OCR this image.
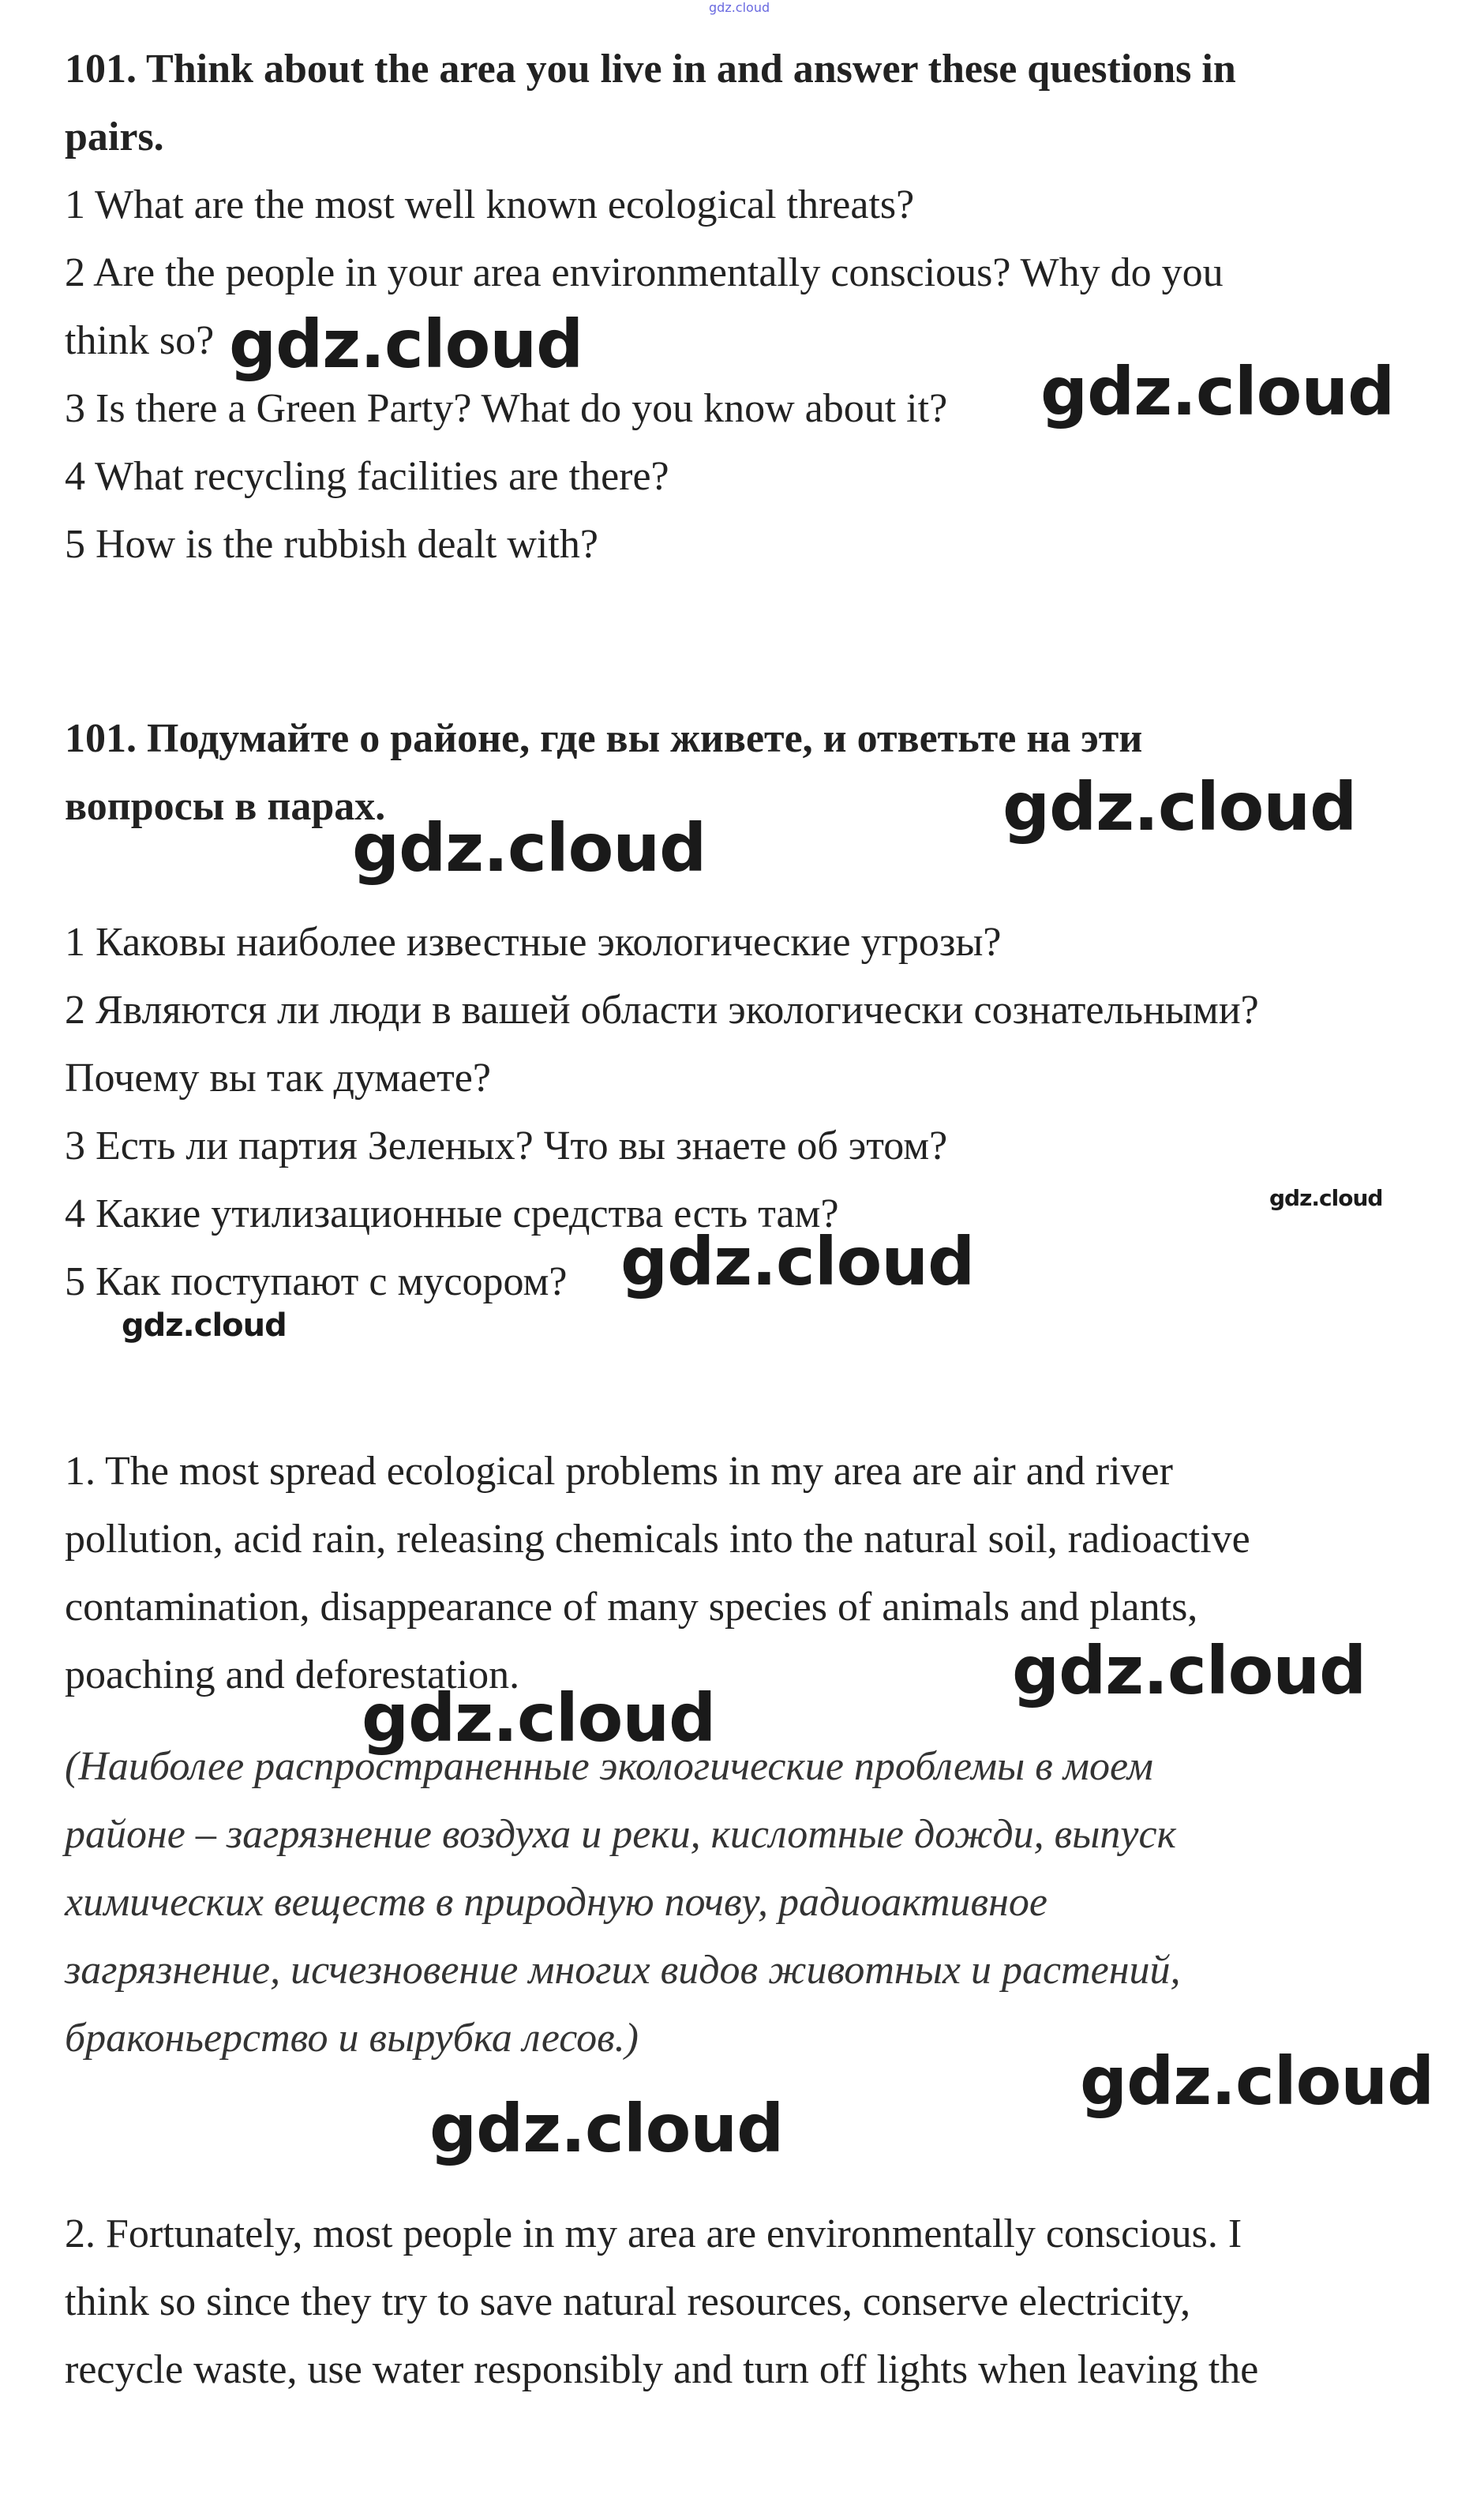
gdz.cloud
101. Think about the area you live in and answer these questions in
pairs.
1 What are the most well known ecological threats?
2 Are the people in your area environmentally conscious? Why do you
think so?
3 Is there a Green Party? What do you know about it?
4 What recycling facilities are there?
5 How is the rubbish dealt with?
101. Подумайте о районе, где вы живете, и ответьте на эти
вопросы в парах.
1 Каковы наиболее известные экологические угрозы?
2 Являются ли люди в вашей области экологически сознательными?
Почему вы так думаете?
3 Есть ли партия Зеленых? Что вы знаете об этом?
4 Какие утилизационные средства есть там?
5 Как поступают с мусором?
1. The most spread ecological problems in my area are air and river
pollution, acid rain, releasing chemicals into the natural soil, radioactive
contamination, disappearance of many species of animals and plants,
poaching and deforestation.
(Наиболее распространенные экологические проблемы в моем
районе – загрязнение воздуха и реки, кислотные дожди, выпуск
химических веществ в природную почву, радиоактивное
загрязнение, исчезновение многих видов животных и растений,
браконьерство и вырубка лесов.)
2. Fortunately, most people in my area are environmentally conscious. I
think so since they try to save natural resources, conserve electricity,
recycle waste, use water responsibly and turn off lights when leaving the
gdz.cloud
gdz.cloud
gdz.cloud
gdz.cloud
gdz.cloud
gdz.cloud
gdz.cloud
gdz.cloud
gdz.cloud
gdz.cloud
gdz.cloud
